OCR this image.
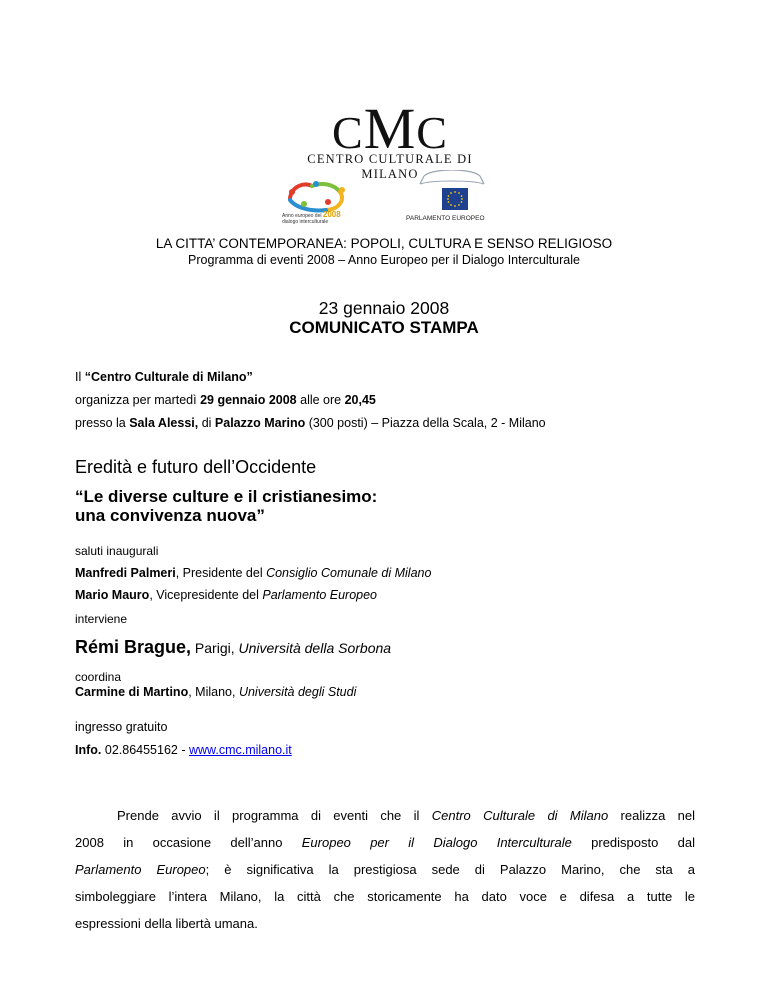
CMC
CENTRO CULTURALE DI MILANO
Anno europeo del 2008
dialogo interculturale	PARLAMENTO EUROPEO
LA CITTA’ CONTEMPORANEA: POPOLI, CULTURA E SENSO RELIGIOSO
Programma di eventi 2008 – Anno Europeo per il Dialogo Interculturale
23 gennaio 2008
COMUNICATO STAMPA
Il “Centro Culturale di Milano”
organizza per martedì 29 gennaio 2008 alle ore 20,45
presso la Sala Alessi, di Palazzo Marino (300 posti) – Piazza della Scala, 2 - Milano
Eredità e futuro dell’Occidente
“Le diverse culture e il cristianesimo:
una convivenza nuova”
saluti inaugurali
Manfredi Palmeri, Presidente del Consiglio Comunale di Milano
Mario Mauro, Vicepresidente del Parlamento Europeo
interviene
Rémi Brague, Parigi, Università della Sorbona
coordina
Carmine di Martino, Milano, Università degli Studi
ingresso gratuito
Info. 02.86455162 - www.cmc.milano.it
Prende avvio il programma di eventi che il Centro Culturale di Milano realizza nel
2008 in occasione dell’anno Europeo per il Dialogo Interculturale predisposto dal
Parlamento Europeo; è significativa la prestigiosa sede di Palazzo Marino, che sta a
simboleggiare l’intera Milano, la città che storicamente ha dato voce e difesa a tutte le
espressioni della libertà umana.
